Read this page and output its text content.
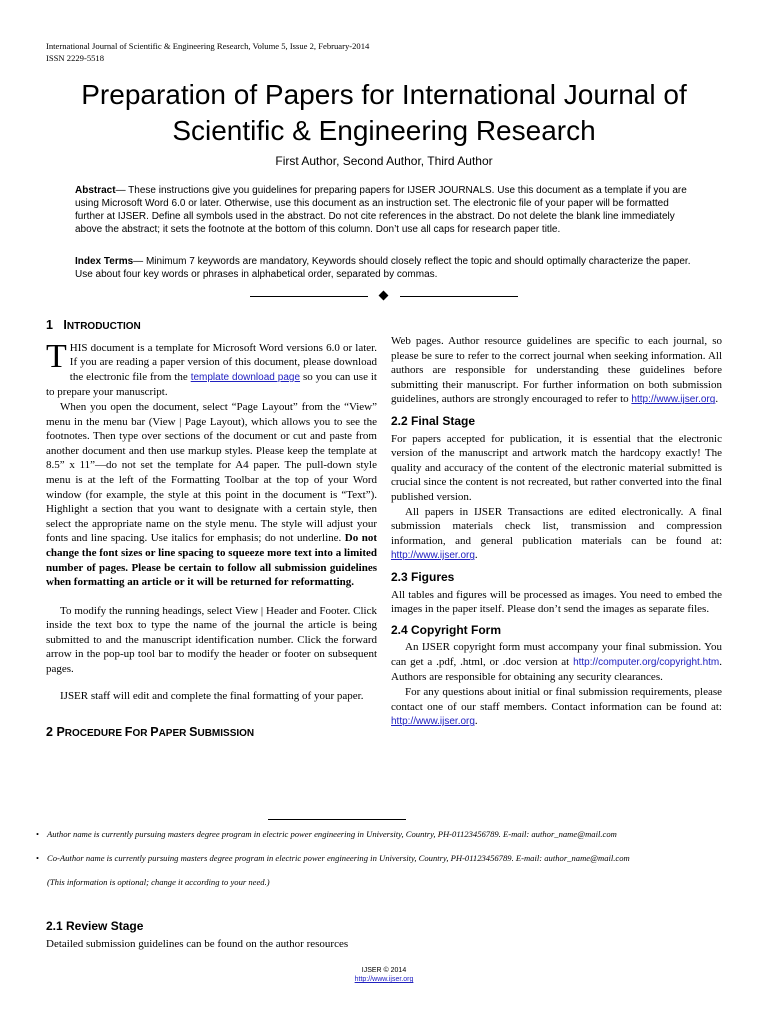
International Journal of Scientific & Engineering Research, Volume 5, Issue 2, February-2014
ISSN 2229-5518
Preparation of Papers for International Journal of
Scientific & Engineering Research
First Author, Second Author, Third Author
Abstract— These instructions give you guidelines for preparing papers for IJSER JOURNALS. Use this document as a template if you are using Microsoft Word 6.0 or later. Otherwise, use this document as an instruction set. The electronic file of your paper will be formatted further at IJSER. Define all symbols used in the abstract. Do not cite references in the abstract. Do not delete the blank line immediately above the abstract; it sets the footnote at the bottom of this column. Don’t use all caps for research paper title.
Index Terms— Minimum 7 keywords are mandatory, Keywords should closely reflect the topic and should optimally characterize the paper. Use about four key words or phrases in alphabetical order, separated by commas.
1 INTRODUCTION

THIS document is a template for Microsoft Word versions 6.0 or later. If you are reading a paper version of this document, please download the electronic file from the template download page so you can use it to prepare your manuscript.

When you open the document, select “Page Layout” from the “View” menu in the menu bar (View | Page Layout), which allows you to see the footnotes. Then type over sections of the document or cut and paste from another document and then use markup styles. Please keep the template at 8.5” x 11”—do not set the template for A4 paper. The pull-down style menu is at the left of the Formatting Toolbar at the top of your Word window (for example, the style at this point in the document is “Text”). Highlight a section that you want to designate with a certain style, then select the appropriate name on the style menu. The style will adjust your fonts and line spacing. Use italics for emphasis; do not underline. Do not change the font sizes or line spacing to squeeze more text into a limited number of pages. Please be certain to follow all submission guidelines when formatting an article or it will be returned for reformatting.

To modify the running headings, select View | Header and Footer. Click inside the text box to type the name of the journal the article is being submitted to and the manuscript identification number. Click the forward arrow in the pop-up tool bar to modify the header or footer on subsequent pages.

IJSER staff will edit and complete the final formatting of your paper.

2 PROCEDURE FOR PAPER SUBMISSION

Web pages. Author resource guidelines are specific to each journal, so please be sure to refer to the correct journal when seeking information. All authors are responsible for understanding these guidelines before submitting their manuscript. For further information on both submission guidelines, authors are strongly encouraged to refer to http://www.ijser.org.

2.2 Final Stage

For papers accepted for publication, it is essential that the electronic version of the manuscript and artwork match the hardcopy exactly! The quality and accuracy of the content of the electronic material submitted is crucial since the content is not recreated, but rather converted into the final published version.

All papers in IJSER Transactions are edited electronically. A final submission materials check list, transmission and compression information, and general publication materials can be found at: http://www.ijser.org.

2.3 Figures

All tables and figures will be processed as images. You need to embed the images in the paper itself. Please don’t send the images as separate files.

2.4 Copyright Form

An IJSER copyright form must accompany your final submission. You can get a .pdf, .html, or .doc version at http://computer.org/copyright.htm. Authors are responsible for obtaining any security clearances.

For any questions about initial or final submission requirements, please contact one of our staff members. Contact information can be found at: http://www.ijser.org.

• Author name is currently pursuing masters degree program in electric power engineering in University, Country, PH-01123456789. E-mail: author_name@mail.com
• Co-Author name is currently pursuing masters degree program in electric power engineering in University, Country, PH-01123456789. E-mail: author_name@mail.com
(This information is optional; change it according to your need.)
2.1 Review Stage
Detailed submission guidelines can be found on the author resources
IJSER © 2014
http://www.ijser.org
